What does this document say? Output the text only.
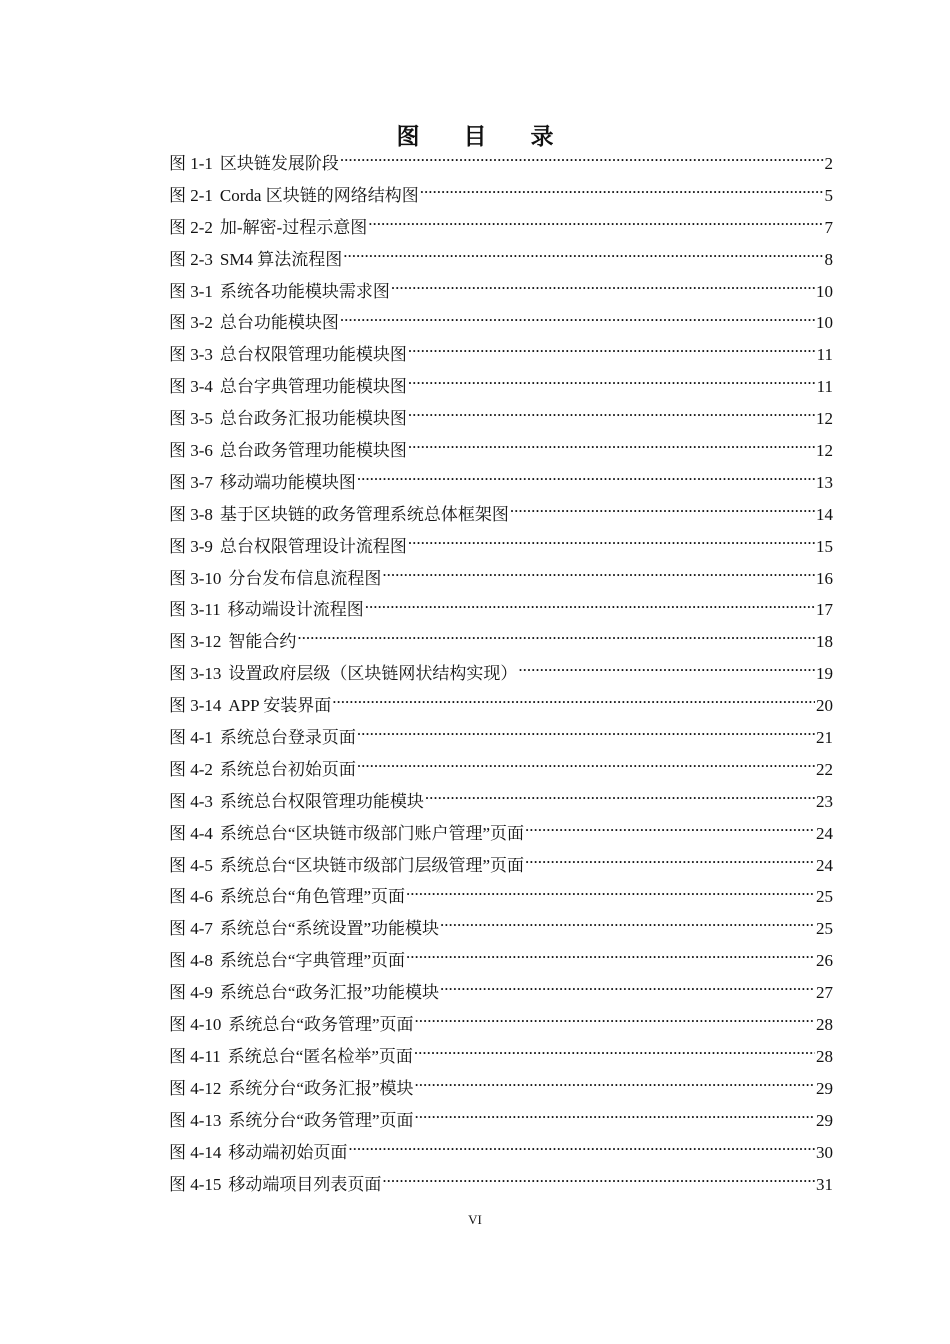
图 目 录
图 1-1 区块链发展阶段 .....	2
图 2-1 Corda 区块链的网络结构图 .....	5
图 2-2 加-解密-过程示意图 .....	7
图 2-3 SM4 算法流程图 .....	8
图 3-1 系统各功能模块需求图 .....	10
图 3-2 总台功能模块图 .....	10
图 3-3 总台权限管理功能模块图 .....	11
图 3-4 总台字典管理功能模块图 .....	11
图 3-5 总台政务汇报功能模块图 .....	12
图 3-6 总台政务管理功能模块图 .....	12
图 3-7 移动端功能模块图 .....	13
图 3-8 基于区块链的政务管理系统总体框架图 .....	14
图 3-9 总台权限管理设计流程图 .....	15
图 3-10 分台发布信息流程图 .....	16
图 3-11 移动端设计流程图 .....	17
图 3-12 智能合约 .....	18
图 3-13 设置政府层级（区块链网状结构实现） .....	19
图 3-14 APP 安装界面 .....	20
图 4-1 系统总台登录页面 .....	21
图 4-2 系统总台初始页面 .....	22
图 4-3 系统总台权限管理功能模块 .....	23
图 4-4 系统总台“区块链市级部门账户管理”页面 .....	24
图 4-5 系统总台“区块链市级部门层级管理”页面 .....	24
图 4-6 系统总台“角色管理”页面 .....	25
图 4-7 系统总台“系统设置”功能模块 .....	25
图 4-8 系统总台“字典管理”页面 .....	26
图 4-9 系统总台“政务汇报”功能模块 .....	27
图 4-10 系统总台“政务管理”页面 .....	28
图 4-11 系统总台“匿名检举”页面 .....	28
图 4-12 系统分台“政务汇报”模块 .....	29
图 4-13 系统分台“政务管理”页面 .....	29
图 4-14 移动端初始页面 .....	30
图 4-15 移动端项目列表页面 .....	31
VI
